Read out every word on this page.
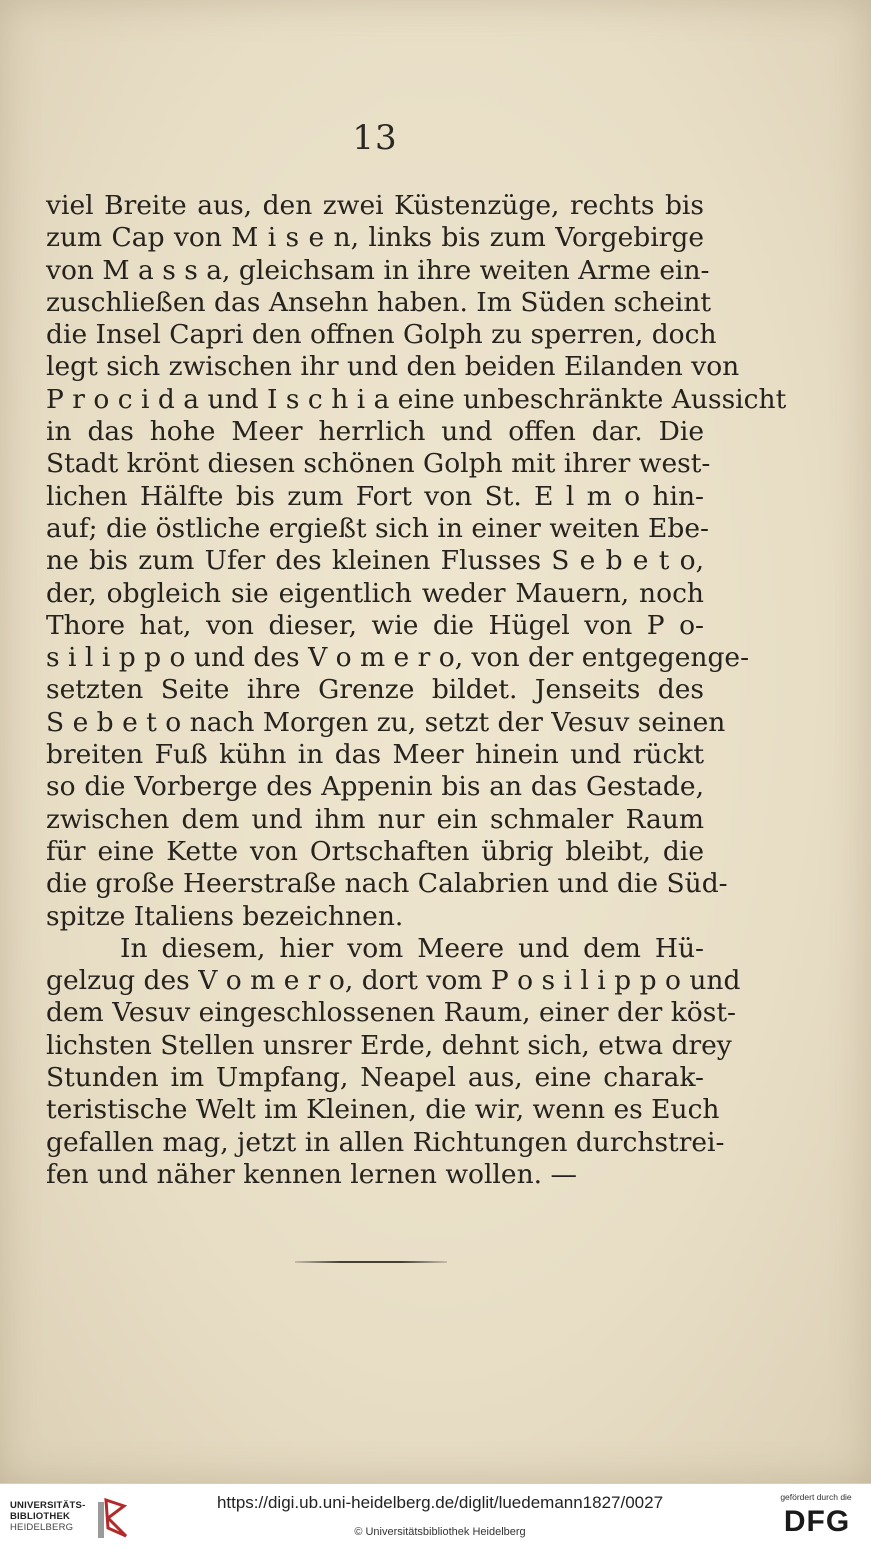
13
viel Breite aus, den zwei Küstenzüge, rechts bis
zum Cap von M i s e n, links bis zum Vorgebirge
von M a s s a, gleichsam in ihre weiten Arme ein-
zuschließen das Ansehn haben. Im Süden scheint
die Insel Capri den offnen Golph zu sperren, doch
legt sich zwischen ihr und den beiden Eilanden von
P r o c i d a und I s c h i a eine unbeschränkte Aussicht
in das hohe Meer herrlich und offen dar. Die
Stadt krönt diesen schönen Golph mit ihrer west-
lichen Hälfte bis zum Fort von St. E l m o hin-
auf; die östliche ergießt sich in einer weiten Ebe-
ne bis zum Ufer des kleinen Flusses S e b e t o,
der, obgleich sie eigentlich weder Mauern, noch
Thore hat, von dieser, wie die Hügel von P o-
s i l i p p o und des V o m e r o, von der entgegenge-
setzten Seite ihre Grenze bildet. Jenseits des
S e b e t o nach Morgen zu, setzt der Vesuv seinen
breiten Fuß kühn in das Meer hinein und rückt
so die Vorberge des Appenin bis an das Gestade,
zwischen dem und ihm nur ein schmaler Raum
für eine Kette von Ortschaften übrig bleibt, die
die große Heerstraße nach Calabrien und die Süd-
spitze Italiens bezeichnen.
In diesem, hier vom Meere und dem Hü-
gelzug des V o m e r o, dort vom P o s i l i p p o und
dem Vesuv eingeschlossenen Raum, einer der köst-
lichsten Stellen unsrer Erde, dehnt sich, etwa drey
Stunden im Umpfang, Neapel aus, eine charak-
teristische Welt im Kleinen, die wir, wenn es Euch
gefallen mag, jetzt in allen Richtungen durchstrei-
fen und näher kennen lernen wollen. —
UNIVERSITÄTS-
BIBLIOTHEK
HEIDELBERG
https://digi.ub.uni-heidelberg.de/diglit/luedemann1827/0027
© Universitätsbibliothek Heidelberg
gefördert durch die
DFG
